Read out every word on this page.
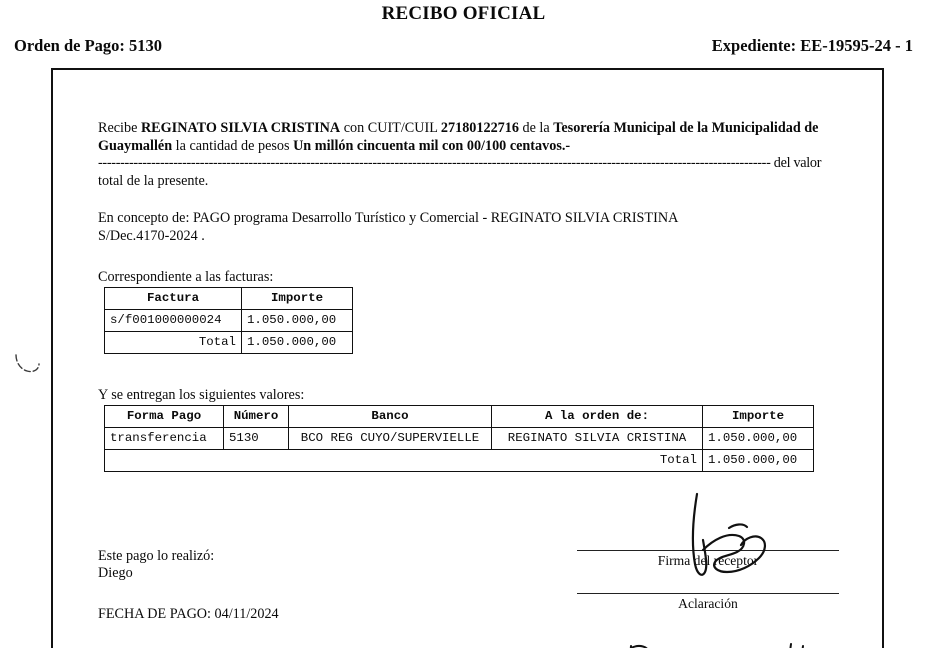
RECIBO OFICIAL
Orden de Pago: 5130	Expediente: EE-19595-24 - 1
Recibe REGINATO SILVIA CRISTINA con CUIT/CUIL 27180122716 de la Tesorería Municipal de la Municipalidad de Guaymallén la cantidad de pesos Un millón cincuenta mil con 00/100 centavos.-
-------------------------------------------------------------------------------------------------------------------------------------------------------- del valor
total de la presente.
En concepto de: PAGO programa Desarrollo Turístico y Comercial - REGINATO SILVIA CRISTINA
S/Dec.4170-2024 .
Correspondiente a las facturas:
Factura	Importe
s/f001000000024	1.050.000,00
Total	1.050.000,00
Y se entregan los siguientes valores:
Forma Pago	Número	Banco	A la orden de:	Importe
transferencia	5130	BCO REG CUYO/SUPERVIELLE	REGINATO SILVIA CRISTINA	1.050.000,00
Total				1.050.000,00
Este pago lo realizó:
Diego
FECHA DE PAGO: 04/11/2024
Firma del receptor
Aclaración
